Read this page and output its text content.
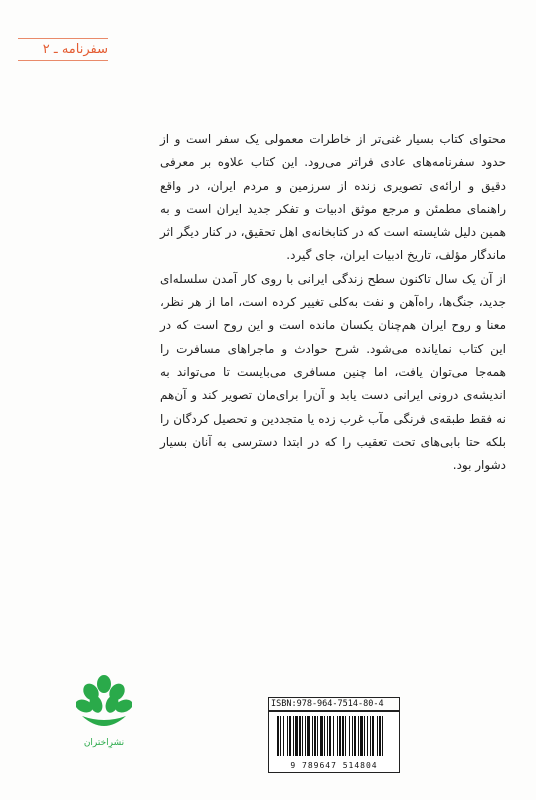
سفرنامه ـ ۲

محتوای کتاب بسیار غنی‌تر از خاطرات معمولی یک سفر است و از حدود سفرنامه‌های عادی فراتر می‌رود. این کتاب علاوه بر معرفی دقیق و ارائه‌ی تصویری زنده از سرزمین و مردم ایران، در واقع راهنمای مطمئن و مرجع موثق ادبیات و تفکر جدید ایران است و به همین دلیل شایسته است که در کتابخانه‌ی اهل تحقیق، در کنار دیگر اثر ماندگار مؤلف، تاریخ ادبیات ایران، جای گیرد.

از آن یک سال تاکنون سطح زندگی ایرانی با روی کار آمدن سلسله‌ای جدید، جنگ‌ها، راه‌آهن و نفت به‌کلی تغییر کرده است، اما از هر نظر، معنا و روح ایران هم‌چنان یکسان مانده است و این روح است که در این کتاب نمایانده می‌شود. شرح حوادث و ماجراهای مسافرت را همه‌جا می‌توان یافت، اما چنین مسافری می‌بایست تا می‌تواند به اندیشه‌ی درونی ایرانی دست یابد و آن‌را برای‌مان تصویر کند و آن‌هم نه فقط طبقه‌ی فرنگی مآب غرب زده یا متجددین و تحصیل کردگان را بلکه حتا بابی‌های تحت تعقیب را که در ابتدا دسترسی به آنان بسیار دشوار بود.

نشرِاختران
ISBN:978-964-7514-80-4
9 789647 514804
